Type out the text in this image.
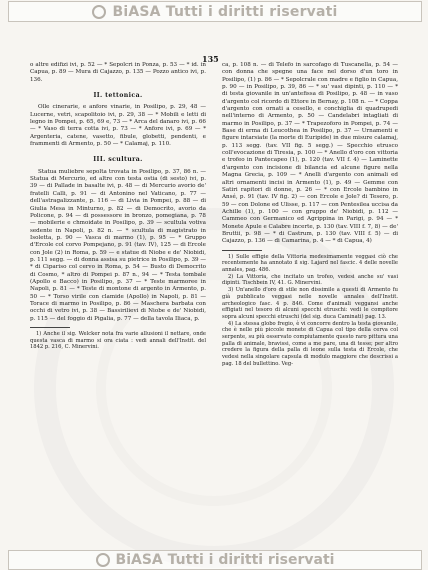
BiASA Tutti i diritti riservati
135

o altre edifizi ivi, p. 52 — * Sepolcri in Ponza, p. 53 — * id. in Capua, p. 89 — Mura di Cajazzo, p. 135 — Pozzo antico ivi, p. 136.

II. tettonica.

Olle cinerarie, e anfore vinarie, in Posilipo, p. 29, 48 — Lucerne, vetri, scapolitoio ivi, p. 29, 38 — * Mobili e letti di legno in Pompei, p. 65, 69 e, 73 — * Arca del danaro ivi, p. 66 — * Vaso di terra cotta ivi, p. 73 — * Anfore ivi, p. 69 — * Argenteria, catene, vasetto, fibule, globetti, pendenti, e frammenti di Armento, p. 50 — * Calamaj, p. 110.

III. scultura.

Statua muliebre sepolta trovata in Posilipo, p. 37, 86 n. — Statua di Mercurio, ed altre con testa ostia (di sesto) ivi, p. 39 — di Pallade in basalte ivi, p. 48 — di Mercurio avorio de' fratelli Calli, p. 91 — di Antonino nel Vaticano, p. 77 — dell'astragalizzante, p. 116 — di Livia in Pompei, p. 88 — di Giulia Mesa in Minturno, p. 82 — di Democrito, avorio da Policone, p. 94 — di possessore in bronzo, pomegiana, p. 78 — mobilerie e chmoidate in Posilipo, p. 39 — scultula votiva sedente in Napoli, p. 82 n. — * scultula di magistrato in Isoletta, p. 90 — Vasca di marmo (1), p. 95 — * Gruppo d'Ercole col corvo Pompejano, p. 91 (tav. IV), 125 — di Ercole con Jole (2) in Roma, p. 59 — e statue di Niobe e de' Niobidi, p. 111 segg. — di donna assisa su pietrice in Posilipo, p. 39 — * di Cipariso col cervo in Roma, p. 54 — Busto di Democrito di Cosmo, * altro di Pompei p. 87 n., 94 — * Testa tombale (Apollo e Bacco) in Posilipo, p. 37 — * Teste marmoree in Napoli, p. 81 — * Teste di montone di argento in Armento, p. 50 — * Torso virile con clamide (Apollo) in Napoli, p. 81 — Torace di marmo in Posilipo, p. 86 — Maschera barbata con occhi di vetro ivi, p. 38 — Bassirilievi di Niobe e de' Niobidi, p. 115 — del foggio di Pigalia, p. 77 — della tavola Iliaca, p.

1) Anche il sig. Welcker nota fra varie allusioni il nettare, onde questa vasca di marmo si ora ciata : vedi annali dell'Instit. del 1842 p. 216, C. Minervini.

ca, p. 108 n. — di Telefo in sarcofago di Tuscanella, p. 54 — con donna che spegne una face nel dorso d'un toro in Posilipo, (1) p. 86 — * Sepolcrale con madre e figlio in Capua, p. 90 — in Posilipo, p. 39, 86 — * su' vasi dipinti, p. 110 — * di testa giovanile in un'antefissa di Posilipo, p. 48 — in vaso d'argento col ricordo di Ettore in Bernay, p. 108 n. — * Coppa d'argento con ornati a cesello, e conchiglia di quadrupedi nell'interno di Armento, p. 50 — Candelabri intagliati di marmo in Posilipo, p. 37 — * Trapezoforo in Pompei, p. 74 — Base di erma di Leucothea in Posilipo, p. 37 — Urnamenti e figure intarsiate (la morte di Euripide) in due misure calamaj, p. 113 segg. (tav. VII fig. 5 segg.) — Specchio etrusco coll'evocazione di Tiresia, p. 100 — * Anello d'oro con vittoria e trofeo in Pantecapeo (1), p. 120 (tav. VII f. 4) — Laminette d'argento con incisione di bilancia ed alcune figure nella Magna Grecia, p. 109 — * Anelli d'argento con animali ed altri ornamenti incisi in Armento (1), p. 49 — Gemme con Satiri rapitori di donne, p. 26 — * con Ercole bambino in Ansé, p. 91 (tav. IV fig. 2) — con Ercole e Jole? di Tesero, p. 59 — con Dolone ed Ulisse, p. 117 — con Pentesilea uccisa da Achille (1), p. 100 — con gruppo de' Niobidi, p. 112 — Cammeo con Germanico ed Agrippina in Parigi, p. 94 — * Monete Apule e Calabre incerte, p. 130 (tav. VIII f. 7, 8) — de' Bruttii, p. 98 — * di Castrum, p. 130 (tav. VIII f. 5) — di Cajazzo, p. 136 — di Camarina, p. 4 — * di Capua, 4)

1) Sulle effigie della Vittoria medesimamente veggasi ciò che recentemente ha annotato il sig. Lajard nel fascic. 4 delle novelle annales, pag. 486.

2) La Vittoria, che incitato un trofeo, vedesi anche su' vasi dipinti. Tischbein IV, 41. G. Minervini.

3) Un'anello d'oro di stile non dissimile a questi di Armento fu già pubblicato veggasi nelle novelle annales dell'Instit. archeologico fasc. 4 p. 846. Come d'animali veggansi anche effigiati nel tesoro di alcuni specchi etruschi: vedi le compitore sopra alcuni specchi etruschi (del sig. duca Caminati) pag. 13.

4) La stessa globo fregio, è vi concorre dentro la testa giovanile, che è nelle più piccole monete di Capua col tipo della cerva col serpente, su più osservato compiutamente questo raro pittura una palla di animale, bravissi, come a me pare, una di tesse; per altro credere la figura della palla di leone sulla testa di Ercole, che vedesi nella singolare capsula di modulo maggiore che descrissi a pag. 18 del bullettino. Veg-

BiASA Tutti i diritti riservati
